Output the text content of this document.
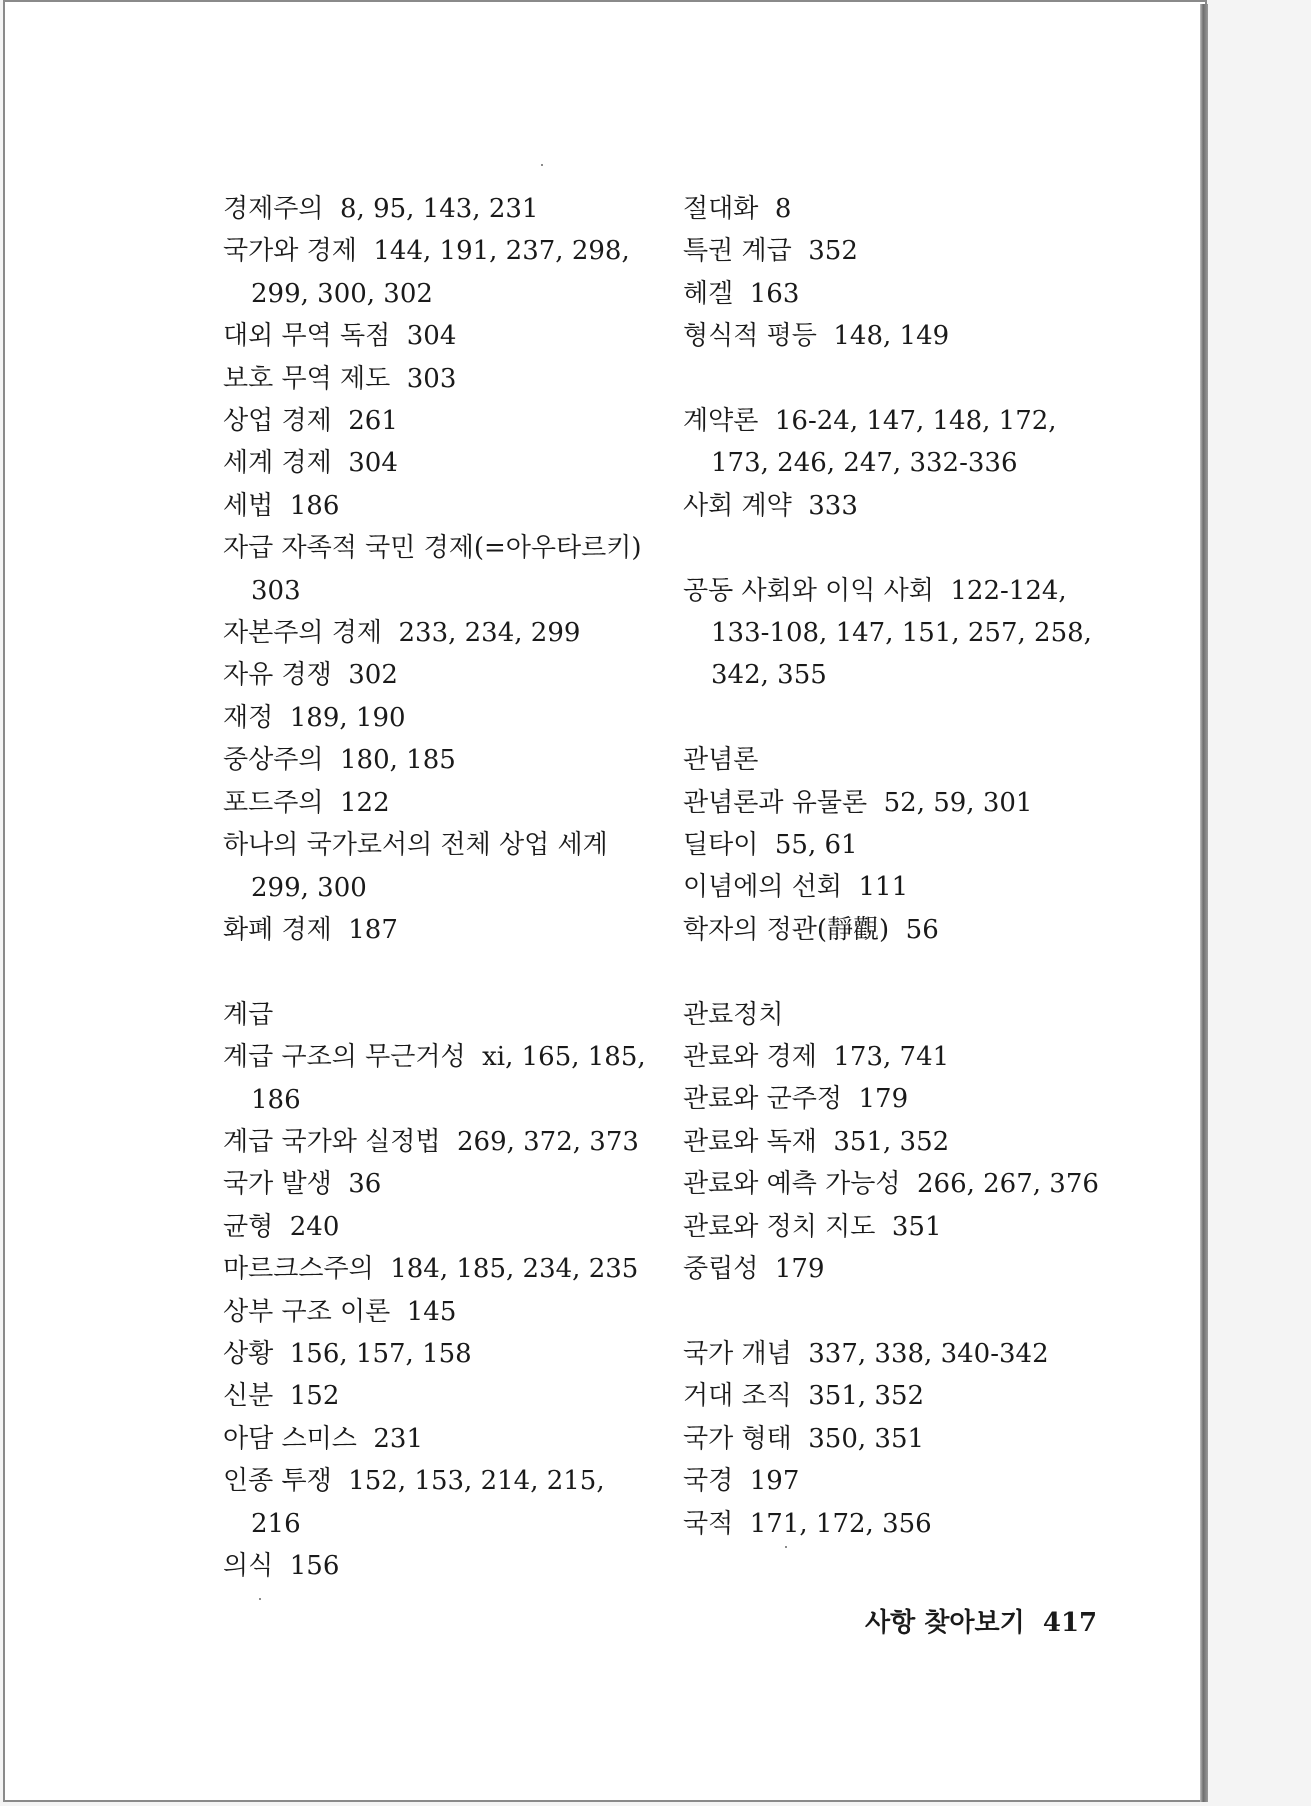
경제주의  8, 95, 143, 231
국가와 경제  144, 191, 237, 298, 299, 300, 302
대외 무역 독점  304
보호 무역 제도  303
상업 경제  261
세계 경제  304
세법  186
자급 자족적 국민 경제(=아우타르키) 303
자본주의 경제  233, 234, 299
자유 경쟁  302
재정  189, 190
중상주의  180, 185
포드주의  122
하나의 국가로서의 전체 상업 세계 299, 300
화폐 경제  187
계급
계급 구조의 무근거성  xi, 165, 185, 186
계급 국가와 실정법  269, 372, 373
국가 발생  36
균형  240
마르크스주의  184, 185, 234, 235
상부 구조 이론  145
상황  156, 157, 158
신분  152
아담 스미스  231
인종 투쟁  152, 153, 214, 215, 216
의식  156
절대화  8
특권 계급  352
헤겔  163
형식적 평등  148, 149
계약론  16-24, 147, 148, 172, 173, 246, 247, 332-336
사회 계약  333
공동 사회와 이익 사회  122-124, 133-108, 147, 151, 257, 258, 342, 355
관념론
관념론과 유물론  52, 59, 301
딜타이  55, 61
이념에의 선회  111
학자의 정관(靜觀)  56
관료정치
관료와 경제  173, 741
관료와 군주정  179
관료와 독재  351, 352
관료와 예측 가능성  266, 267, 376
관료와 정치 지도  351
중립성  179
국가 개념  337, 338, 340-342
거대 조직  351, 352
국가 형태  350, 351
국경  197
국적  171, 172, 356
사항 찾아보기  417
